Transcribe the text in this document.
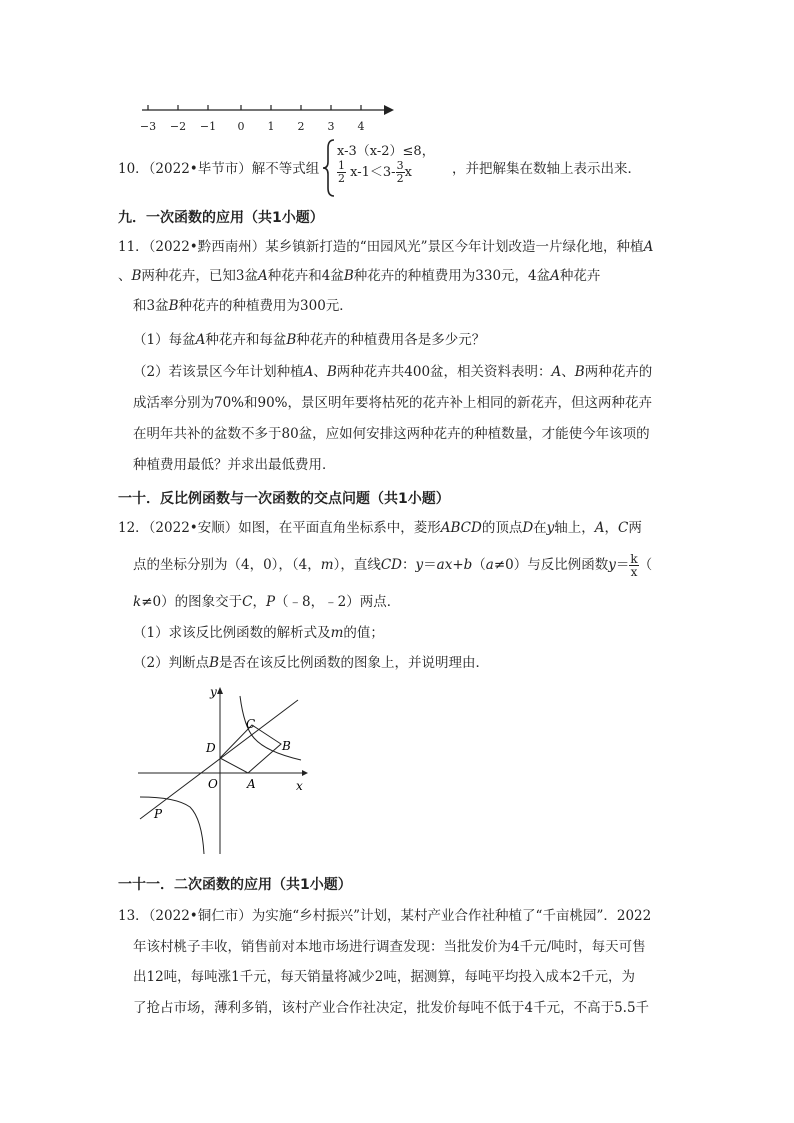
−3 −2 −1 0 1 2 3 4
10．（2022•毕节市）解不等式组
x-3（x-2）≤8，
$\frac{1}{2} x-1<3- \frac{3}{2}$ x	，并把解集在数轴上表示出来．
九．一次函数的应用（共1小题）
11．（2022•黔西南州）某乡镇新打造的“田园风光”景区今年计划改造一片绿化地，种植A
、B两种花卉，已知3盆A种花卉和4盆B种花卉的种植费用为330元，4盆A种花卉
和3盆B种花卉的种植费用为300元．
（1）每盆A种花卉和每盆B种花卉的种植费用各是多少元？
（2）若该景区今年计划种植A、B两种花卉共400盆，相关资料表明：A、B两种花卉的
成活率分别为70%和90%，景区明年要将枯死的花卉补上相同的新花卉，但这两种花卉
在明年共补的盆数不多于80盆，应如何安排这两种花卉的种植数量，才能使今年该项的
种植费用最低？并求出最低费用．
一十．反比例函数与一次函数的交点问题（共1小题）
12．（2022•安顺）如图，在平面直角坐标系中，菱形ABCD的顶点D在y轴上，A，C两
点的坐标分别为（4，0），（4，m），直线CD：y＝ax+b（a≠0）与反比例函数$y= \frac{k}{x}$ （
k≠0）的图象交于C，P（﹣8，﹣2）两点．
（1）求该反比例函数的解析式及m的值；
（2）判断点B是否在该反比例函数的图象上，并说明理由．
y
x
O A
B
C
D
P
一十一．二次函数的应用（共1小题）
13．（2022•铜仁市）为实施“乡村振兴”计划，某村产业合作社种植了“千亩桃园”．2022
年该村桃子丰收，销售前对本地市场进行调查发现：当批发价为4千元/吨时，每天可售
出12吨，每吨涨1千元，每天销量将减少2吨，据测算，每吨平均投入成本2千元，为
了抢占市场，薄利多销，该村产业合作社决定，批发价每吨不低于4千元，不高于5.5千
